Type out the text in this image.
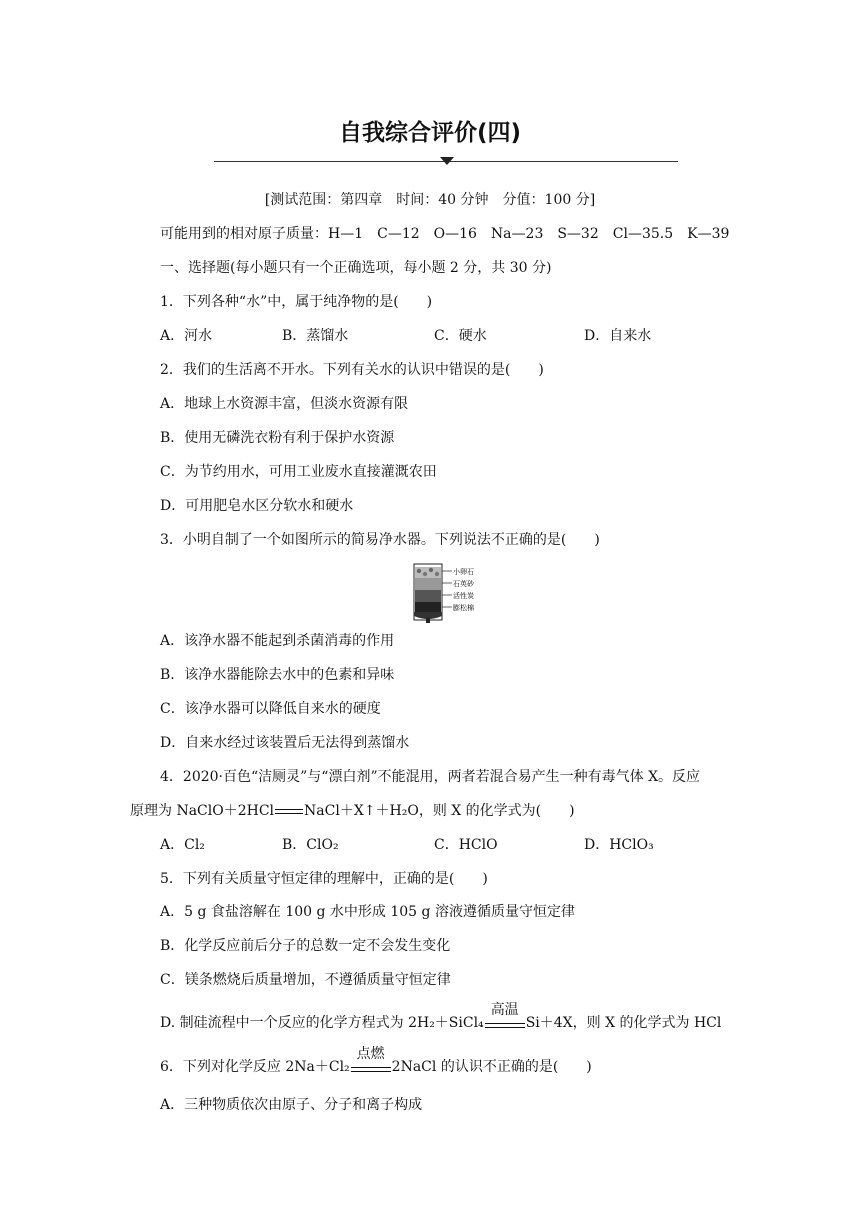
自我综合评价(四)
[测试范围：第四章　时间：40 分钟　分值：100 分]
可能用到的相对原子质量：H—1　C—12　O—16　Na—23　S—32　Cl—35.5　K—39
一、选择题(每小题只有一个正确选项，每小题 2 分，共 30 分)
1．下列各种“水”中，属于纯净物的是(　　)
A．河水	B．蒸馏水	C．硬水	D．自来水
2．我们的生活离不开水。下列有关水的认识中错误的是(　　)
A．地球上水资源丰富，但淡水资源有限
B．使用无磷洗衣粉有利于保护水资源
C．为节约用水，可用工业废水直接灌溉农田
D．可用肥皂水区分软水和硬水
3．小明自制了一个如图所示的简易净水器。下列说法不正确的是(　　)
小卵石
石英砂
活性炭
膨松棉
A．该净水器不能起到杀菌消毒的作用
B．该净水器能除去水中的色素和异味
C．该净水器可以降低自来水的硬度
D．自来水经过该装置后无法得到蒸馏水
4．2020·百色“洁厕灵”与“漂白剂”不能混用，两者若混合易产生一种有毒气体 X。反应
原理为 NaClO＋2HCl NaCl＋X↑＋H₂O，则 X 的化学式为(　　)
A．Cl₂	B．ClO₂	C．HClO	D．HClO₃
5．下列有关质量守恒定律的理解中，正确的是(　　)
A．5 g 食盐溶解在 100 g 水中形成 105 g 溶液遵循质量守恒定律
B．化学反应前后分子的总数一定不会发生变化
C．镁条燃烧后质量增加，不遵循质量守恒定律
D. 制硅流程中一个反应的化学方程式为 2H₂＋SiCl₄
高温
Si＋4X，则 X 的化学式为 HCl
6．下列对化学反应 2Na＋Cl₂
点燃
2NaCl 的认识不正确的是(　　)
A．三种物质依次由原子、分子和离子构成
